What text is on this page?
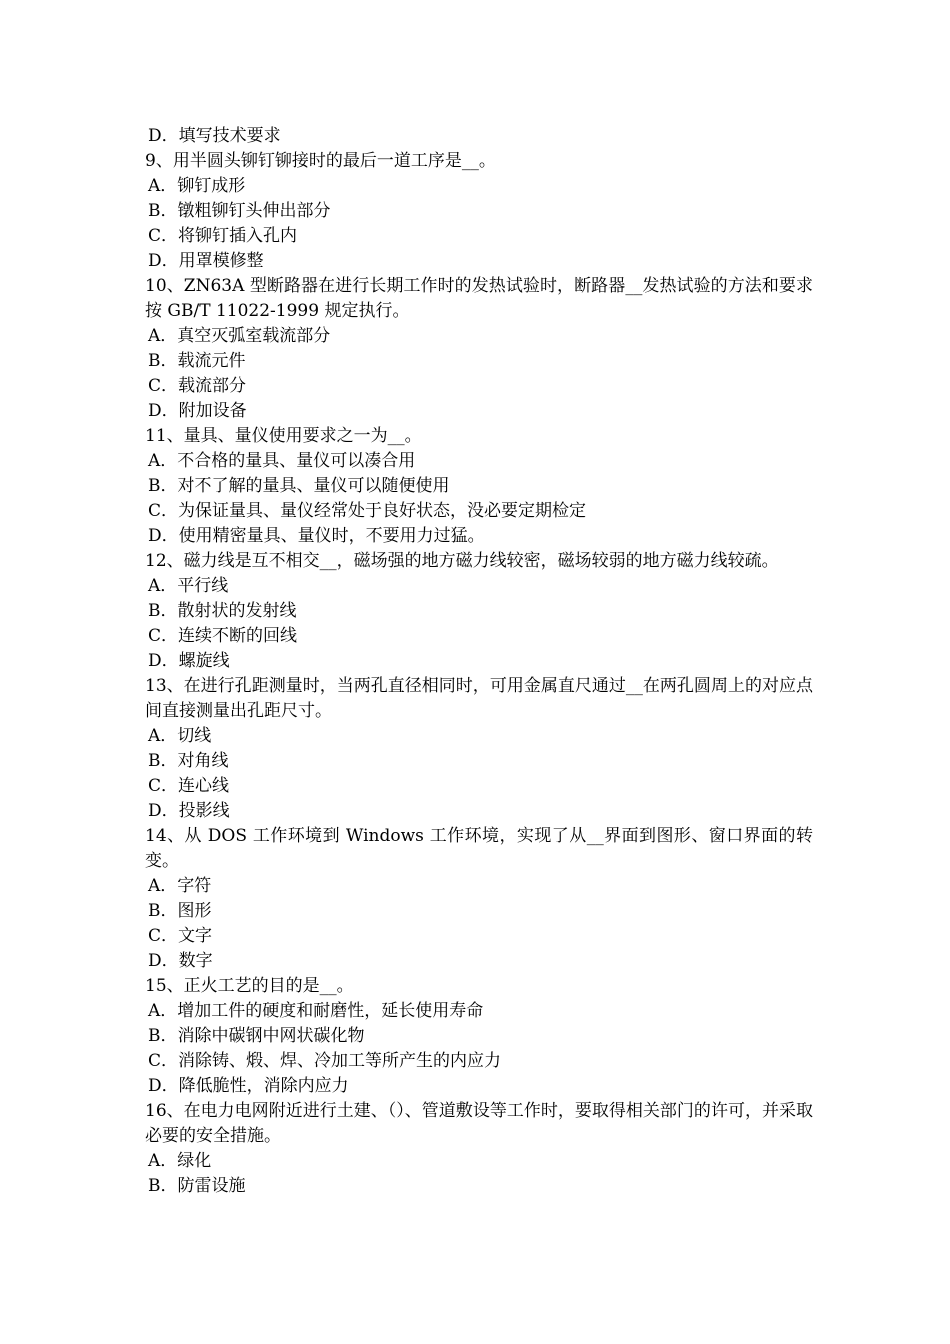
D．填写技术要求
9、用半圆头铆钉铆接时的最后一道工序是__。
A．铆钉成形
B．镦粗铆钉头伸出部分
C．将铆钉插入孔内
D．用罩模修整
10、ZN63A 型断路器在进行长期工作时的发热试验时，断路器__发热试验的方法和要求按 GB/T 11022-1999 规定执行。
A．真空灭弧室载流部分
B．载流元件
C．载流部分
D．附加设备
11、量具、量仪使用要求之一为__。
A．不合格的量具、量仪可以凑合用
B．对不了解的量具、量仪可以随便使用
C．为保证量具、量仪经常处于良好状态，没必要定期检定
D．使用精密量具、量仪时，不要用力过猛。
12、磁力线是互不相交__，磁场强的地方磁力线较密，磁场较弱的地方磁力线较疏。
A．平行线
B．散射状的发射线
C．连续不断的回线
D．螺旋线
13、在进行孔距测量时，当两孔直径相同时，可用金属直尺通过__在两孔圆周上的对应点间直接测量出孔距尺寸。
A．切线
B．对角线
C．连心线
D．投影线
14、从 DOS 工作环境到 Windows 工作环境，实现了从__界面到图形、窗口界面的转变。
A．字符
B．图形
C．文字
D．数字
15、正火工艺的目的是__。
A．增加工件的硬度和耐磨性，延长使用寿命
B．消除中碳钢中网状碳化物
C．消除铸、煅、焊、冷加工等所产生的内应力
D．降低脆性，消除内应力
16、在电力电网附近进行土建、（）、管道敷设等工作时，要取得相关部门的许可，并采取必要的安全措施。
A．绿化
B．防雷设施
